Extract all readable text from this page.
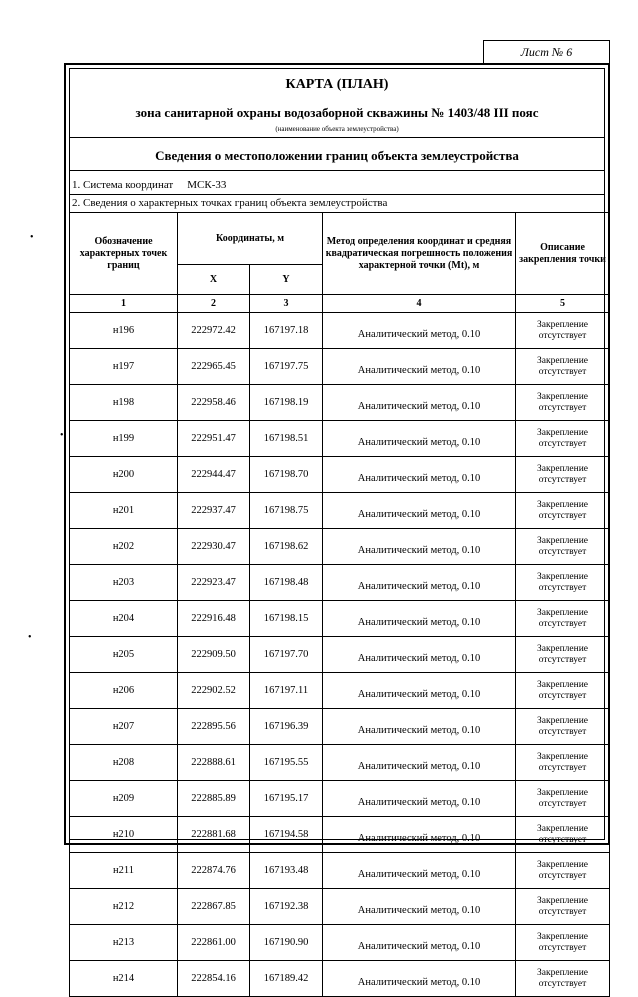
Лист № 6
•
•
•
КАРТА (ПЛАН)
зона санитарной охраны водозаборной скважины № 1403/48 III пояс
(наименование объекта землеустройства)
Сведения о местоположении границ объекта землеустройства
1. Система координат МСК-33
2. Сведения о характерных точках границ объекта землеустройства
Обозначение характерных точек границ	Координаты, м		Метод определения координат и средняя квадратическая погрешность положения характерной точки (Mt), м	Описание закрепления точки
	X	Y		
1	2	3	4	5
н196	222972.42	167197.18	Аналитический метод, 0.10	Закрепление отсутствует
н197	222965.45	167197.75	Аналитический метод, 0.10	Закрепление отсутствует
н198	222958.46	167198.19	Аналитический метод, 0.10	Закрепление отсутствует
н199	222951.47	167198.51	Аналитический метод, 0.10	Закрепление отсутствует
н200	222944.47	167198.70	Аналитический метод, 0.10	Закрепление отсутствует
н201	222937.47	167198.75	Аналитический метод, 0.10	Закрепление отсутствует
н202	222930.47	167198.62	Аналитический метод, 0.10	Закрепление отсутствует
н203	222923.47	167198.48	Аналитический метод, 0.10	Закрепление отсутствует
н204	222916.48	167198.15	Аналитический метод, 0.10	Закрепление отсутствует
н205	222909.50	167197.70	Аналитический метод, 0.10	Закрепление отсутствует
н206	222902.52	167197.11	Аналитический метод, 0.10	Закрепление отсутствует
н207	222895.56	167196.39	Аналитический метод, 0.10	Закрепление отсутствует
н208	222888.61	167195.55	Аналитический метод, 0.10	Закрепление отсутствует
н209	222885.89	167195.17	Аналитический метод, 0.10	Закрепление отсутствует
н210	222881.68	167194.58	Аналитический метод, 0.10	Закрепление отсутствует
н211	222874.76	167193.48	Аналитический метод, 0.10	Закрепление отсутствует
н212	222867.85	167192.38	Аналитический метод, 0.10	Закрепление отсутствует
н213	222861.00	167190.90	Аналитический метод, 0.10	Закрепление отсутствует
н214	222854.16	167189.42	Аналитический метод, 0.10	Закрепление отсутствует
